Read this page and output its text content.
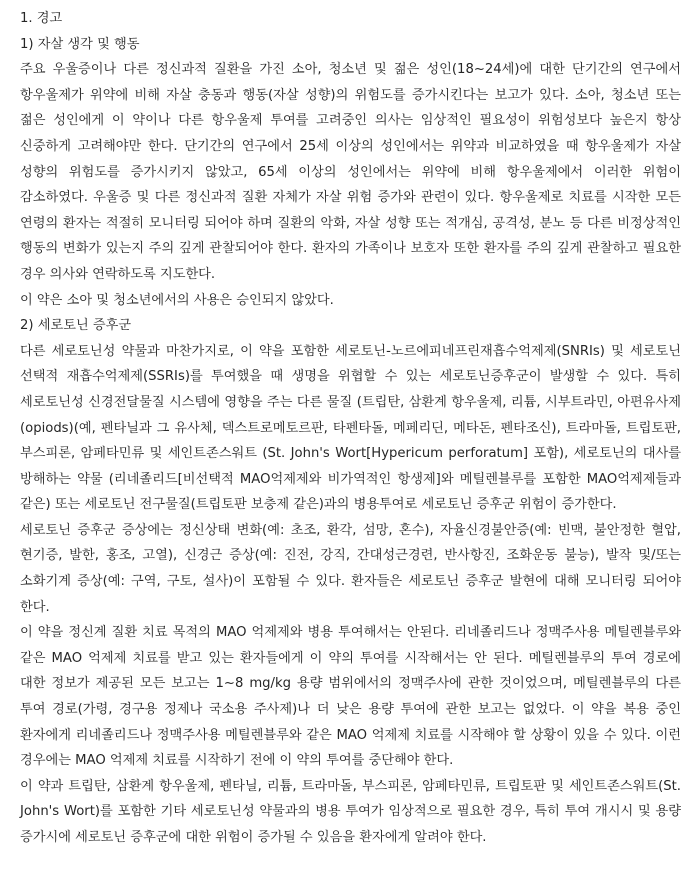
1. 경고

1) 자살 생각 및 행동

주요 우울증이나 다른 정신과적 질환을 가진 소아, 청소년 및 젊은 성인(18~24세)에 대한 단기간의 연구에서 항우울제가 위약에 비해 자살 충동과 행동(자살 성향)의 위험도를 증가시킨다는 보고가 있다. 소아, 청소년 또는 젊은 성인에게 이 약이나 다른 항우울제 투여를 고려중인 의사는 임상적인 필요성이 위험성보다 높은지 항상 신중하게 고려해야만 한다. 단기간의 연구에서 25세 이상의 성인에서는 위약과 비교하였을 때 항우울제가 자살 성향의 위험도를 증가시키지 않았고, 65세 이상의 성인에서는 위약에 비해 항우울제에서 이러한 위험이 감소하였다. 우울증 및 다른 정신과적 질환 자체가 자살 위험 증가와 관련이 있다. 항우울제로 치료를 시작한 모든 연령의 환자는 적절히 모니터링 되어야 하며 질환의 악화, 자살 성향 또는 적개심, 공격성, 분노 등 다른 비정상적인 행동의 변화가 있는지 주의 깊게 관찰되어야 한다. 환자의 가족이나 보호자 또한 환자를 주의 깊게 관찰하고 필요한 경우 의사와 연락하도록 지도한다.

이 약은 소아 및 청소년에서의 사용은 승인되지 않았다.

2) 세로토닌 증후군

다른 세로토닌성 약물과 마찬가지로, 이 약을 포함한 세로토닌-노르에피네프린재흡수억제제(SNRIs) 및 세로토닌 선택적 재흡수억제제(SSRIs)를 투여했을 때 생명을 위협할 수 있는 세로토닌증후군이 발생할 수 있다. 특히 세로토닌성 신경전달물질 시스템에 영향을 주는 다른 물질 (트립탄, 삼환계 항우울제, 리튬, 시부트라민, 아편유사제(opiods)(예, 펜타닐과 그 유사체, 덱스트로메토르판, 타펜타돌, 메페리딘, 메타돈, 펜타조신), 트라마돌, 트립토판, 부스피론, 암페타민류 및 세인트존스워트 (St. John's Wort[Hypericum perforatum] 포함), 세로토닌의 대사를 방해하는 약물 (리네졸리드[비선택적 MAO억제제와 비가역적인 항생제]와 메틸렌블루를 포함한 MAO억제제들과 같은) 또는 세로토닌 전구물질(트립토판 보충제 같은)과의 병용투여로 세로토닌 증후군 위험이 증가한다.

세로토닌 증후군 증상에는 정신상태 변화(예: 초조, 환각, 섬망, 혼수), 자율신경불안증(예: 빈맥, 불안정한 혈압, 현기증, 발한, 홍조, 고열), 신경근 증상(예: 진전, 강직, 간대성근경련, 반사항진, 조화운동 불능), 발작 및/또는 소화기계 증상(예: 구역, 구토, 설사)이 포함될 수 있다. 환자들은 세로토닌 증후군 발현에 대해 모니터링 되어야 한다.

이 약을 정신계 질환 치료 목적의 MAO 억제제와 병용 투여해서는 안된다. 리네졸리드나 정맥주사용 메틸렌블루와 같은 MAO 억제제 치료를 받고 있는 환자들에게 이 약의 투여를 시작해서는 안 된다. 메틸렌블루의 투여 경로에 대한 정보가 제공된 모든 보고는 1~8 mg/kg 용량 범위에서의 정맥주사에 관한 것이었으며, 메틸렌블루의 다른 투여 경로(가령, 경구용 정제나 국소용 주사제)나 더 낮은 용량 투여에 관한 보고는 없었다. 이 약을 복용 중인 환자에게 리네졸리드나 정맥주사용 메틸렌블루와 같은 MAO 억제제 치료를 시작해야 할 상황이 있을 수 있다. 이런 경우에는 MAO 억제제 치료를 시작하기 전에 이 약의 투여를 중단해야 한다.

이 약과 트립탄, 삼환계 항우울제, 펜타닐, 리튬, 트라마돌, 부스피론, 암페타민류, 트립토판 및 세인트존스워트(St. John's Wort)를 포함한 기타 세로토닌성 약물과의 병용 투여가 임상적으로 필요한 경우, 특히 투여 개시시 및 용량 증가시에 세로토닌 증후군에 대한 위험이 증가될 수 있음을 환자에게 알려야 한다.
